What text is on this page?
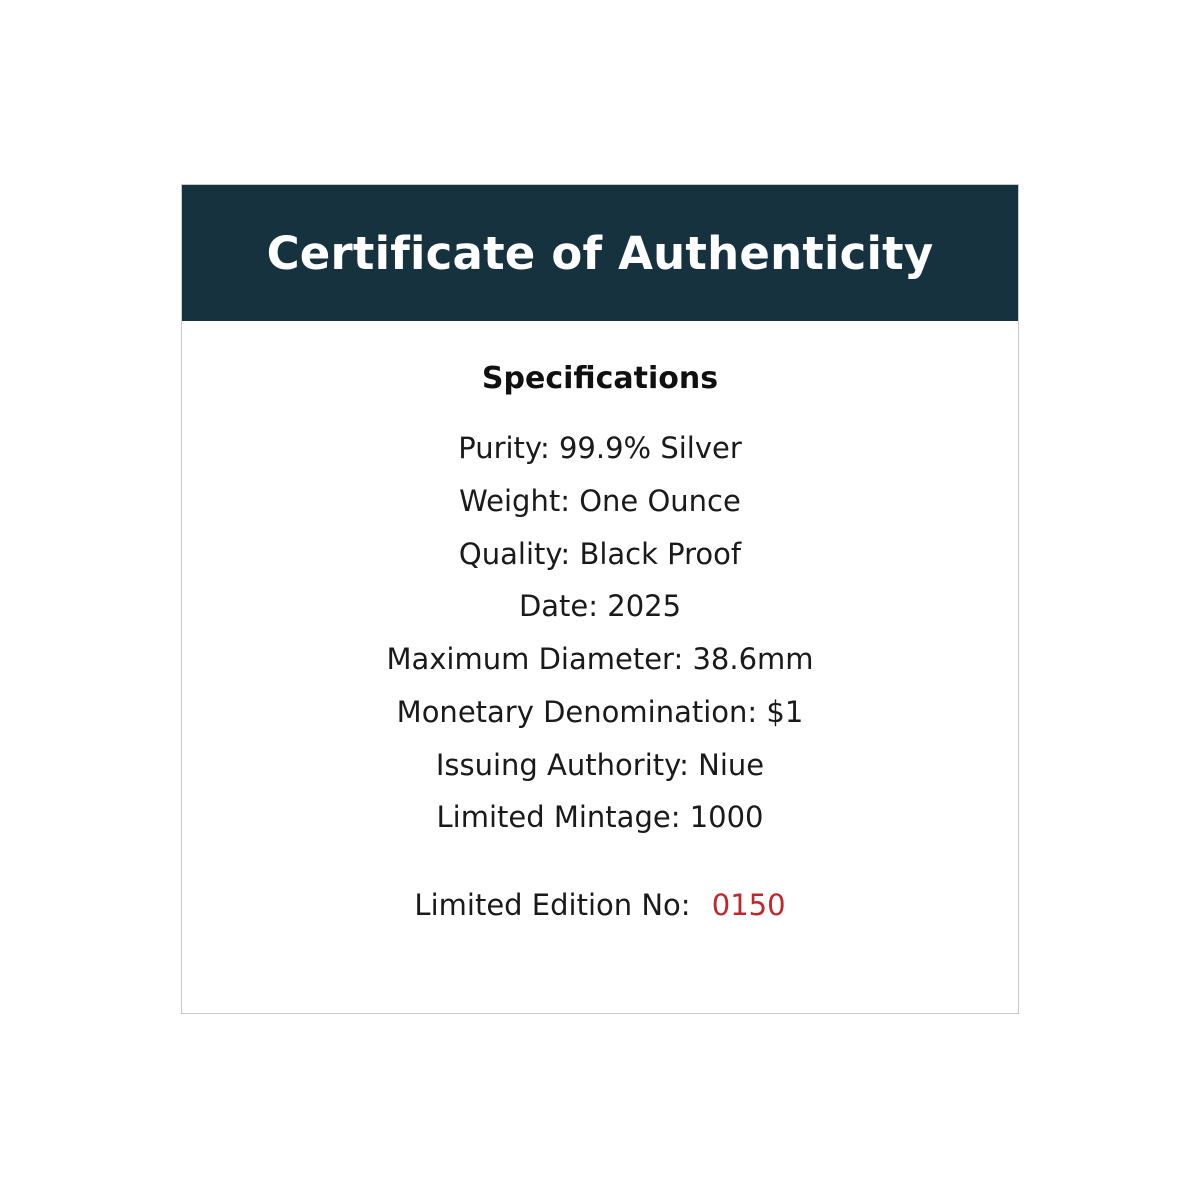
Certificate of Authenticity
Specifications
Purity: 99.9% Silver
Weight: One Ounce
Quality: Black Proof
Date: 2025
Maximum Diameter: 38.6mm
Monetary Denomination: $1
Issuing Authority: Niue
Limited Mintage: 1000
Limited Edition No: 0150
